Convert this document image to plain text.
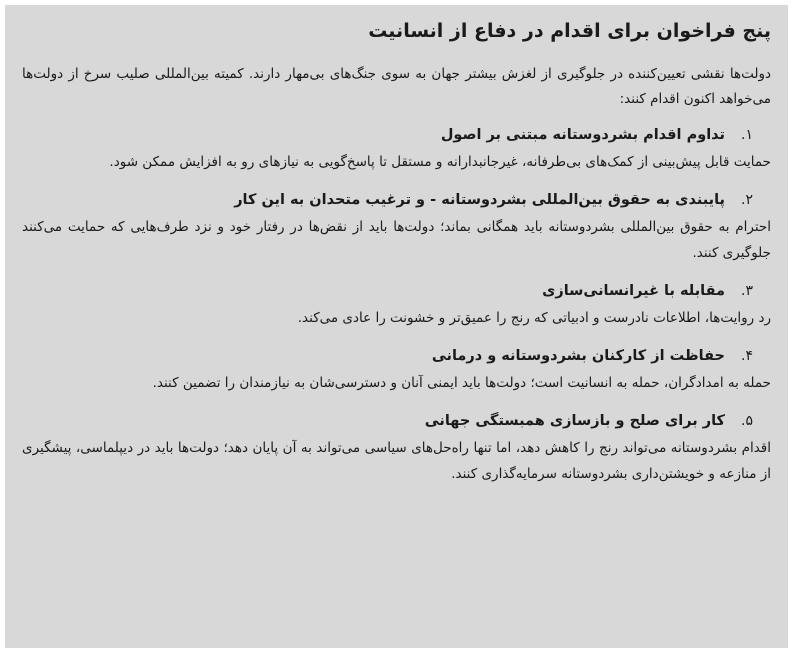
پنج فراخوان برای اقدام در دفاع از انسانیت

دولت‌ها نقشی تعیین‌کننده در جلوگیری از لغزش بیشتر جهان به سوی جنگ‌های بی‌مهار دارند. کمیته بین‌المللی صلیب سرخ از دولت‌ها می‌خواهد اکنون اقدام کنند:

۱.
تداوم اقدام بشردوستانه مبتنی بر اصول

حمایت قابل پیش‌بینی از کمک‌های بی‌طرفانه، غیرجانبدارانه و مستقل تا پاسخ‌گویی به نیازهای رو به افزایش ممکن شود.

۲.
پایبندی به حقوق بین‌المللی بشردوستانه - و ترغیب متحدان به این کار

احترام به حقوق بین‌المللی بشردوستانه باید همگانی بماند؛ دولت‌ها باید از نقض‌ها در رفتار خود و نزد طرف‌هایی که حمایت می‌کنند جلوگیری کنند.

۳.
مقابله با غیرانسانی‌سازی

رد روایت‌ها، اطلاعات نادرست و ادبیاتی که رنج را عمیق‌تر و خشونت را عادی می‌کند.

۴.
حفاظت از کارکنان بشردوستانه و درمانی

حمله به امدادگران، حمله به انسانیت است؛ دولت‌ها باید ایمنی آنان و دسترسی‌شان به نیازمندان را تضمین کنند.

۵.
کار برای صلح و بازسازی همبستگی جهانی

اقدام بشردوستانه می‌تواند رنج را کاهش دهد، اما تنها راه‌حل‌های سیاسی می‌تواند به آن پایان دهد؛ دولت‌ها باید در دیپلماسی، پیشگیری از منازعه و خویشتن‌داری بشردوستانه سرمایه‌گذاری کنند.
